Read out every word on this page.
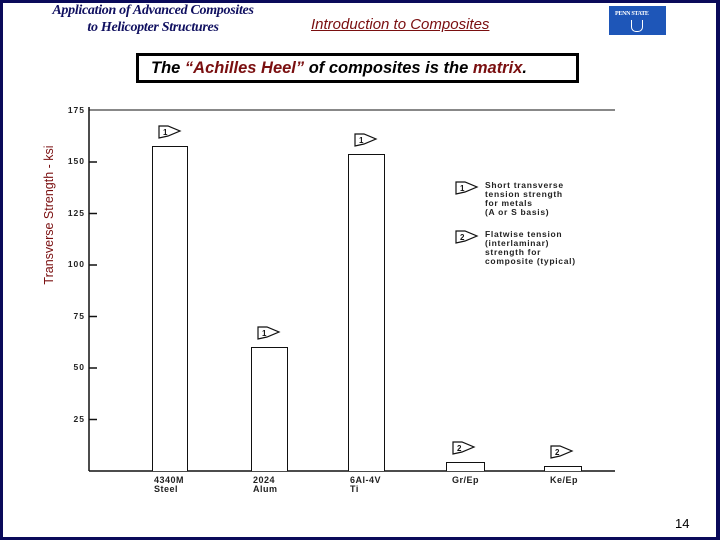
Application of Advanced Composites
to Helicopter Structures	Introduction to Composites
PENN STATE
The “Achilles Heel” of composites is the matrix.
Transverse Strength - ksi
25
50
75
100
125
150
175
1
4340M
Steel
1
2024
Alum
1
6Al-4V
Ti
2
Gr/Ep
2
Ke/Ep
1 Short transverse
tension strength
for metals
(A or S basis)
2 Flatwise tension
(interlaminar)
strength for
composite (typical)
14
